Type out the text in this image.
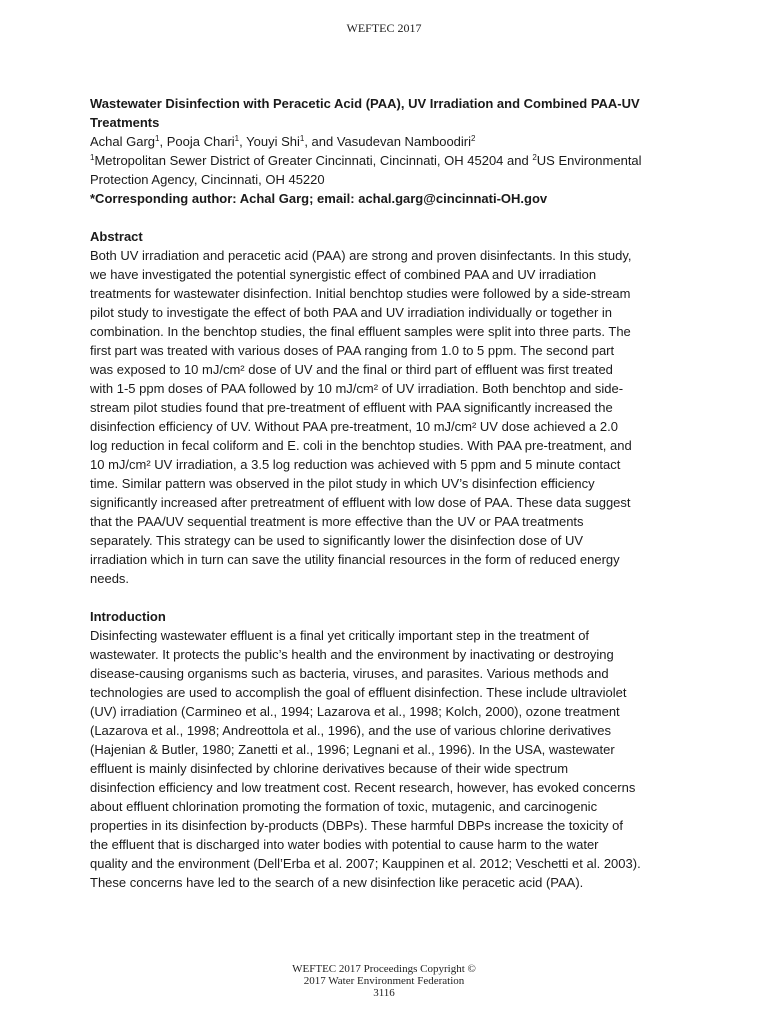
WEFTEC 2017
Wastewater Disinfection with Peracetic Acid (PAA), UV Irradiation and Combined PAA-UV
Treatments
Achal Garg$^1$, Pooja Chari$^1$, Youyi Shi$^1$, and Vasudevan Namboodiri$^2$
$^1$Metropolitan Sewer District of Greater Cincinnati, Cincinnati, OH 45204 and $^2$US Environmental
Protection Agency, Cincinnati, OH 45220
*Corresponding author: Achal Garg; email: achal.garg@cincinnati-OH.gov
Abstract
Both UV irradiation and peracetic acid (PAA) are strong and proven disinfectants. In this study,
we have investigated the potential synergistic effect of combined PAA and UV irradiation
treatments for wastewater disinfection. Initial benchtop studies were followed by a side-stream
pilot study to investigate the effect of both PAA and UV irradiation individually or together in
combination. In the benchtop studies, the final effluent samples were split into three parts. The
first part was treated with various doses of PAA ranging from 1.0 to 5 ppm. The second part
was exposed to 10 mJ/cm² dose of UV and the final or third part of effluent was first treated
with 1-5 ppm doses of PAA followed by 10 mJ/cm² of UV irradiation. Both benchtop and side-
stream pilot studies found that pre-treatment of effluent with PAA significantly increased the
disinfection efficiency of UV. Without PAA pre-treatment, 10 mJ/cm² UV dose achieved a 2.0
log reduction in fecal coliform and E. coli in the benchtop studies. With PAA pre-treatment, and
10 mJ/cm² UV irradiation, a 3.5 log reduction was achieved with 5 ppm and 5 minute contact
time. Similar pattern was observed in the pilot study in which UV’s disinfection efficiency
significantly increased after pretreatment of effluent with low dose of PAA. These data suggest
that the PAA/UV sequential treatment is more effective than the UV or PAA treatments
separately. This strategy can be used to significantly lower the disinfection dose of UV
irradiation which in turn can save the utility financial resources in the form of reduced energy
needs.
Introduction
Disinfecting wastewater effluent is a final yet critically important step in the treatment of
wastewater. It protects the public’s health and the environment by inactivating or destroying
disease-causing organisms such as bacteria, viruses, and parasites. Various methods and
technologies are used to accomplish the goal of effluent disinfection. These include ultraviolet
(UV) irradiation (Carmineo et al., 1994; Lazarova et al., 1998; Kolch, 2000), ozone treatment
(Lazarova et al., 1998; Andreottola et al., 1996), and the use of various chlorine derivatives
(Hajenian & Butler, 1980; Zanetti et al., 1996; Legnani et al., 1996). In the USA, wastewater
effluent is mainly disinfected by chlorine derivatives because of their wide spectrum
disinfection efficiency and low treatment cost. Recent research, however, has evoked concerns
about effluent chlorination promoting the formation of toxic, mutagenic, and carcinogenic
properties in its disinfection by-products (DBPs). These harmful DBPs increase the toxicity of
the effluent that is discharged into water bodies with potential to cause harm to the water
quality and the environment (Dell’Erba et al. 2007; Kauppinen et al. 2012; Veschetti et al. 2003).
These concerns have led to the search of a new disinfection like peracetic acid (PAA).
WEFTEC 2017 Proceedings Copyright ©
2017 Water Environment Federation
3116
